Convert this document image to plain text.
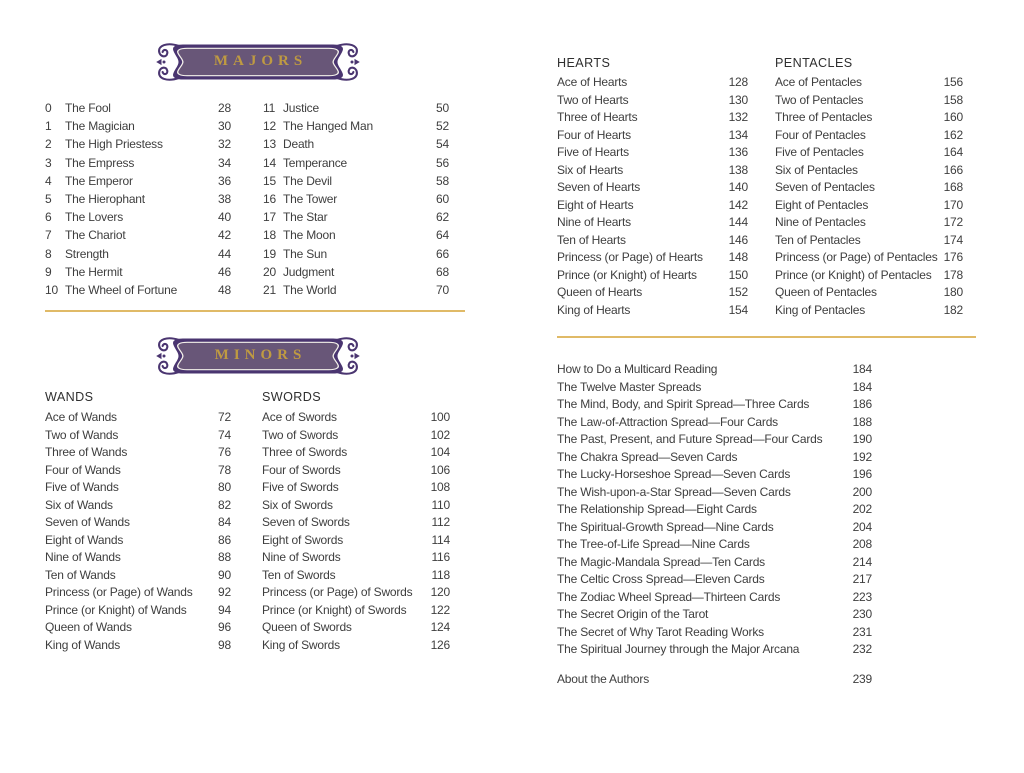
MAJORS
0	The Fool	28
1	The Magician	30
2	The High Priestess	32
3	The Empress	34
4	The Emperor	36
5	The Hierophant	38
6	The Lovers	40
7	The Chariot	42
8	Strength	44
9	The Hermit	46
10 The Wheel of Fortune	48
11 Justice	50
12 The Hanged Man	52
13 Death	54
14 Temperance	56
15 The Devil	58
16 The Tower	60
17 The Star	62
18 The Moon	64
19 The Sun	66
20 Judgment	68
21 The World	70
MINORS
WANDS	SWORDS
Ace of Wands	72
Two of Wands	74
Three of Wands	76
Four of Wands	78
Five of Wands	80
Six of Wands	82
Seven of Wands	84
Eight of Wands	86
Nine of Wands	88
Ten of Wands	90
Princess (or Page) of Wands	92
Prince (or Knight) of Wands	94
Queen of Wands	96
King of Wands	98
Ace of Swords	100
Two of Swords	102
Three of Swords	104
Four of Swords	106
Five of Swords	108
Six of Swords	110
Seven of Swords	112
Eight of Swords	114
Nine of Swords	116
Ten of Swords	118
Princess (or Page) of Swords	120
Prince (or Knight) of Swords	122
Queen of Swords	124
King of Swords	126
HEARTS	PENTACLES
Ace of Hearts	128
Two of Hearts	130
Three of Hearts	132
Four of Hearts	134
Five of Hearts	136
Six of Hearts	138
Seven of Hearts	140
Eight of Hearts	142
Nine of Hearts	144
Ten of Hearts	146
Princess (or Page) of Hearts	148
Prince (or Knight) of Hearts	150
Queen of Hearts	152
King of Hearts	154
Ace of Pentacles	156
Two of Pentacles	158
Three of Pentacles	160
Four of Pentacles	162
Five of Pentacles	164
Six of Pentacles	166
Seven of Pentacles	168
Eight of Pentacles	170
Nine of Pentacles	172
Ten of Pentacles	174
Princess (or Page) of Pentacles 176
Prince (or Knight) of Pentacles	178
Queen of Pentacles	180
King of Pentacles	182
How to Do a Multicard Reading	184
The Twelve Master Spreads	184
The Mind, Body, and Spirit Spread—Three Cards	186
The Law-of-Attraction Spread—Four Cards	188
The Past, Present, and Future Spread—Four Cards	190
The Chakra Spread—Seven Cards	192
The Lucky-Horseshoe Spread—Seven Cards	196
The Wish-upon-a-Star Spread—Seven Cards	200
The Relationship Spread—Eight Cards	202
The Spiritual-Growth Spread—Nine Cards	204
The Tree-of-Life Spread—Nine Cards	208
The Magic-Mandala Spread—Ten Cards	214
The Celtic Cross Spread—Eleven Cards	217
The Zodiac Wheel Spread—Thirteen Cards	223
The Secret Origin of the Tarot	230
The Secret of Why Tarot Reading Works	231
The Spiritual Journey through the Major Arcana	232
About the Authors	239
